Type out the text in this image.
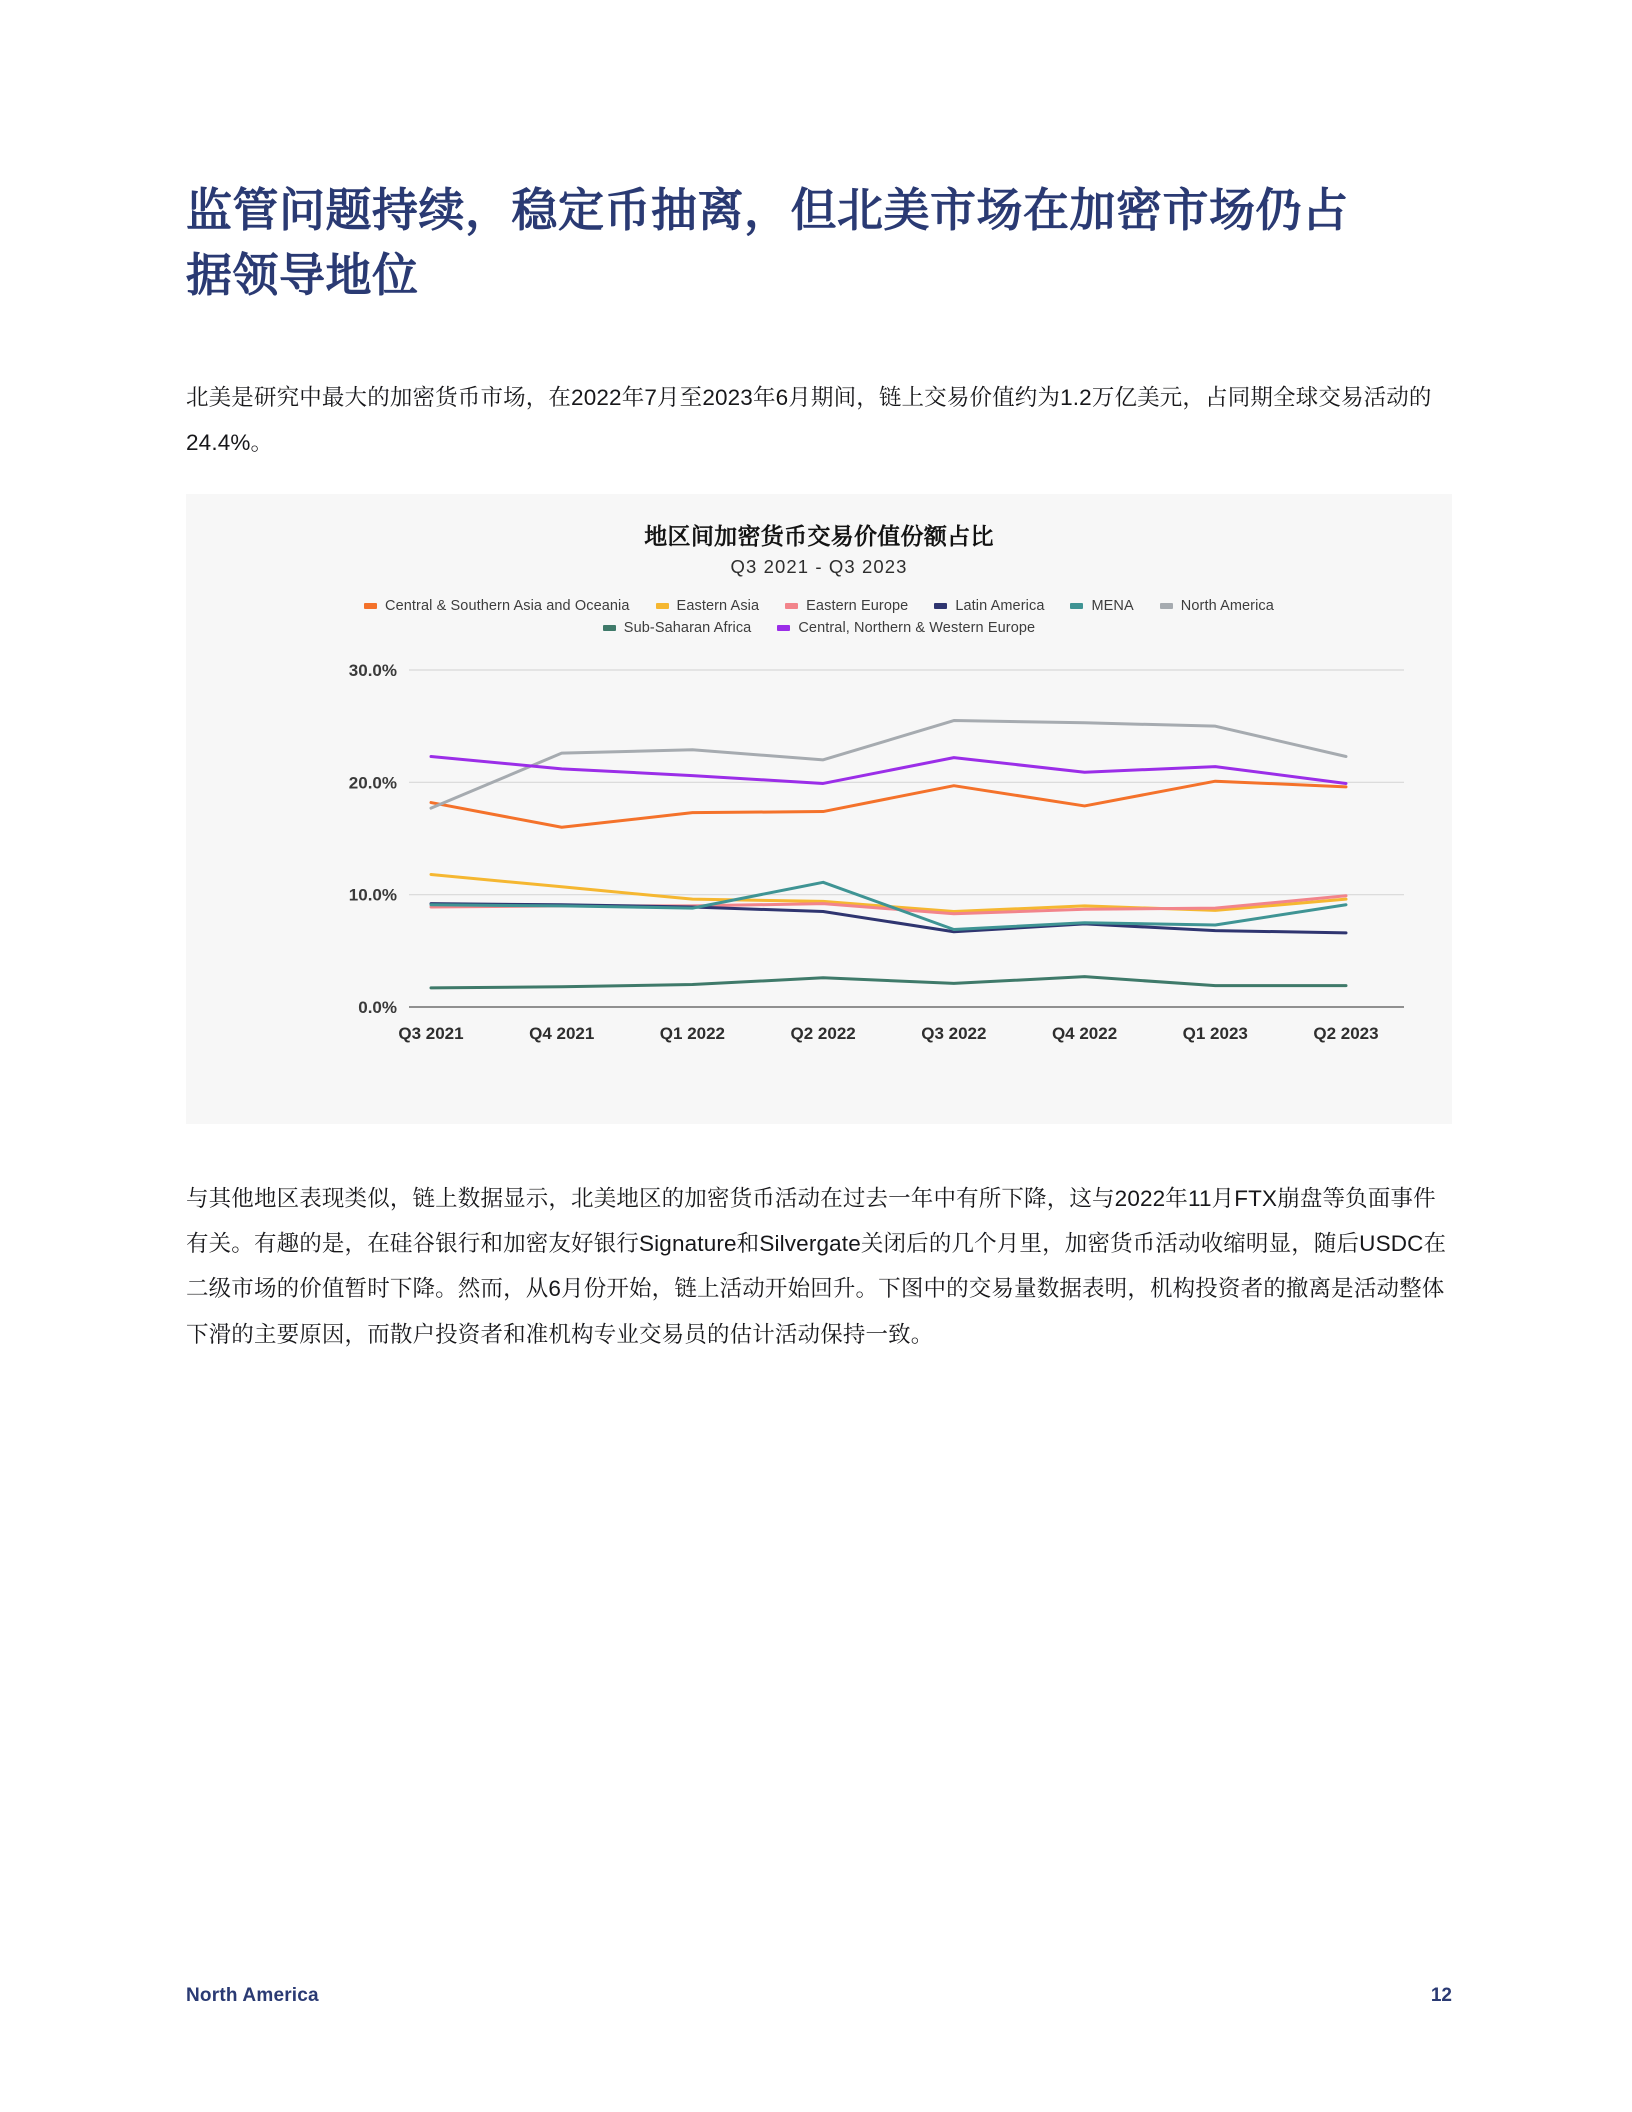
监管问题持续，稳定币抽离，但北美市场在加密市场仍占据领导地位

北美是研究中最大的加密货币市场，在2022年7月至2023年6月期间，链上交易价值约为1.2万亿美元，占同期全球交易活动的24.4%。

地区间加密货币交易价值份额占比
Q3 2021 - Q3 2023
Central & Southern Asia and Oceania	Eastern Asia	Eastern Europe	Latin America	MENA	North America
Sub-Saharan Africa	Central, Northern & Western Europe
0.0%
10.0%
20.0%
30.0%
Q3 2021	Q4 2021	Q1 2022	Q2 2022	Q3 2022	Q4 2022	Q1 2023	Q2 2023

与其他地区表现类似，链上数据显示，北美地区的加密货币活动在过去一年中有所下降，这与2022年11月FTX崩盘等负面事件有关。有趣的是，在硅谷银行和加密友好银行Signature和Silvergate关闭后的几个月里，加密货币活动收缩明显，随后USDC在二级市场的价值暂时下降。然而，从6月份开始，链上活动开始回升。下图中的交易量数据表明，机构投资者的撤离是活动整体下滑的主要原因，而散户投资者和准机构专业交易员的估计活动保持一致。

North America	12
